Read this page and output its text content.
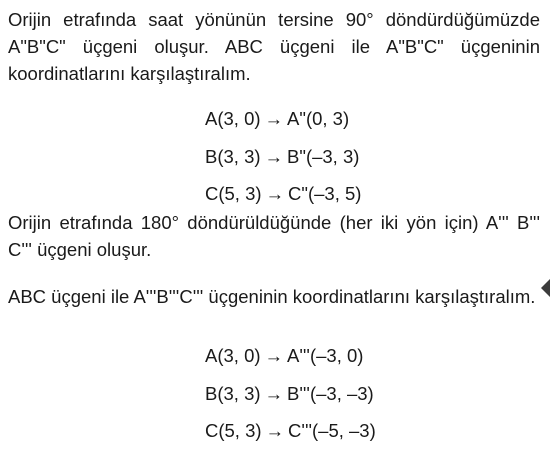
Orijin etrafında saat yönünün tersine 90° döndürdüğümüzde A"B"C" üçgeni oluşur. ABC üçgeni ile A"B"C" üçgeninin koordinatlarını karşılaştıralım.

A(3, 0) → A"(0, 3)
B(3, 3) → B"(–3, 3)
C(5, 3) → C"(–3, 5)

Orijin etrafında 180° döndürüldüğünde (her iki yön için) A''' B''' C''' üçgeni oluşur.

ABC üçgeni ile A'''B'''C''' üçgeninin koordinatlarını karşılaştıralım.

A(3, 0) → A'''(–3, 0)
B(3, 3) → B'''(–3, –3)
C(5, 3) → C'''(–5, –3)
